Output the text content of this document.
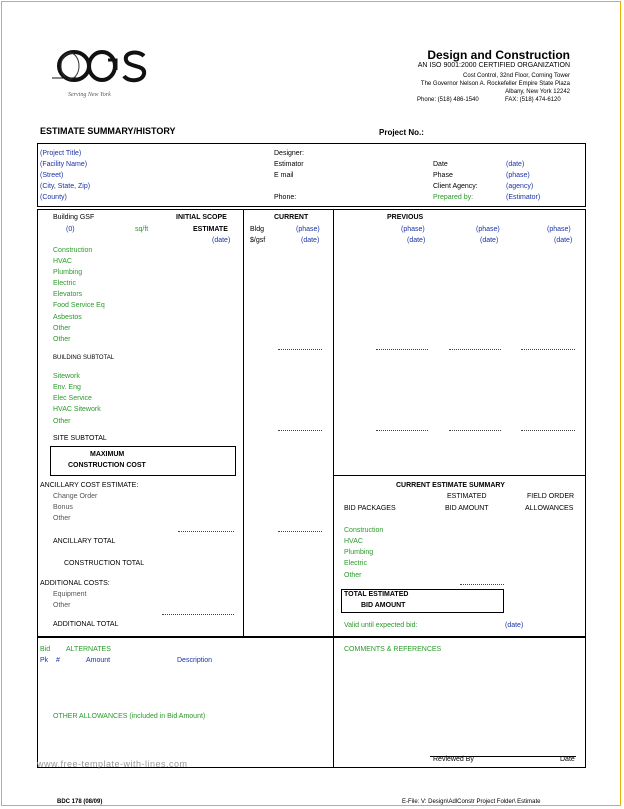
Serving New York
Design and Construction
AN ISO 9001:2000 CERTIFIED ORGANIZATION
Cost Control, 32nd Floor, Corning Tower
The Governor Nelson A. Rockefeller Empire State Plaza
Albany, New York 12242
Phone: (518) 486-1540	FAX: (518) 474-6120
ESTIMATE SUMMARY/HISTORY	Project No.:
(Project Title)
(Facility Name)
(Street)
(City, State, Zip)
(County)
Designer:
Estimator
E mail
Phone:
Date	(date)
Phase	(phase)
Client Agency:	(agency)
Prepared by:	(Estimator)
Building GSF	INITIAL SCOPE
(0)	sq/ft	ESTIMATE
(date)
Construction
HVAC
Plumbing
Electric
Elevators
Food Service Eq
Asbestos
Other
Other
BUILDING SUBTOTAL
Sitework
Env. Eng
Elec Service
HVAC Sitework
Other
SITE SUBTOTAL
MAXIMUM
CONSTRUCTION COST
ANCILLARY COST ESTIMATE:
Change Order
Bonus
Other
ANCILLARY TOTAL
CONSTRUCTION TOTAL
ADDITIONAL COSTS:
Equipment
Other
ADDITIONAL TOTAL
CURRENT
Bldg	(phase)
$/gsf	(date)
PREVIOUS
(phase)	(phase)	(phase)
(date)	(date)	(date)
CURRENT ESTIMATE SUMMARY
ESTIMATED	FIELD ORDER
BID PACKAGES	BID AMOUNT	ALLOWANCES
Construction
HVAC
Plumbing
Electric
Other
TOTAL ESTIMATED
BID AMOUNT
Valid until expected bid:	(date)
Bid ALTERNATES
Pk #	Amount	Description
OTHER ALLOWANCES (included in Bid Amount)
COMMENTS & REFERENCES
Reviewed By	Date
www.free-template-with-lines.com
BDC 178 (08/09)	E-File: V: Design\AdlConstr Project Folder\ Estimate
